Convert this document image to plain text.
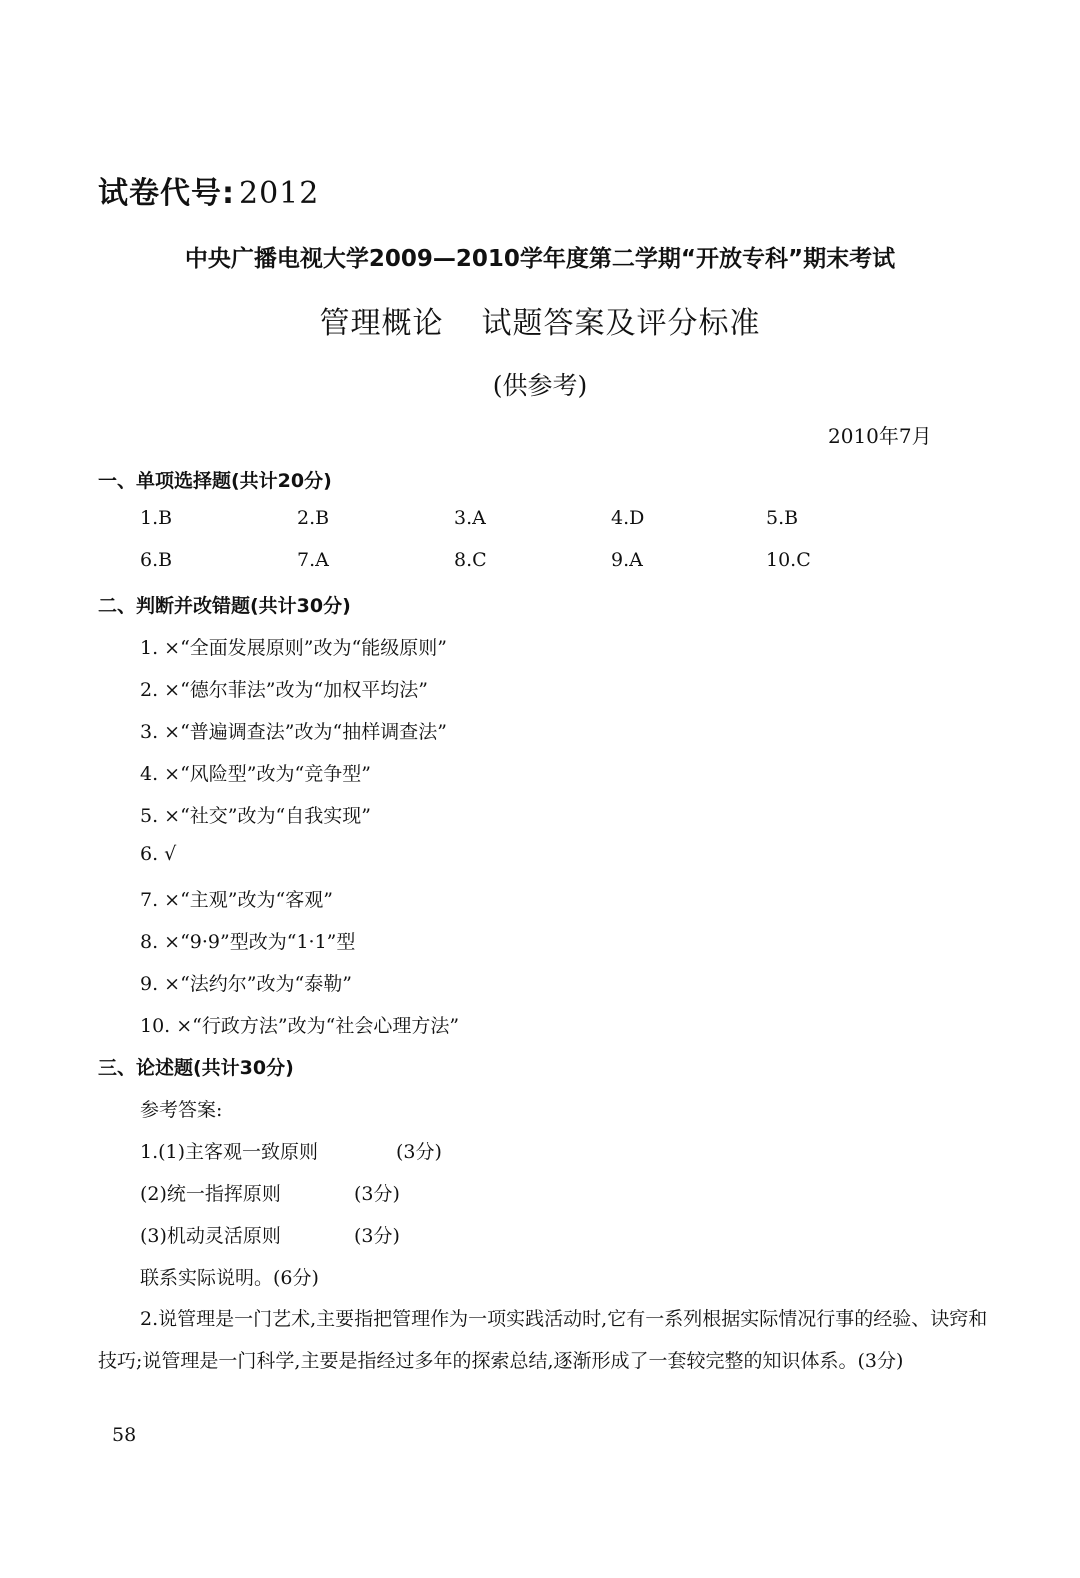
试卷代号: 2012
中央广播电视大学2009—2010学年度第二学期“开放专科”期末考试
管理概论 试题答案及评分标准
(供参考)
2010年7月
一、单项选择题(共计20分)
1.B	2.B	3.A	4.D	5.B
6.B	7.A	8.C	9.A	10.C
二、判断并改错题(共计30分)
1. ×“全面发展原则”改为“能级原则”
2. ×“德尔菲法”改为“加权平均法”
3. ×“普遍调查法”改为“抽样调查法”
4. ×“风险型”改为“竞争型”
5. ×“社交”改为“自我实现”
6. √
7. ×“主观”改为“客观”
8. ×“9·9”型改为“1·1”型
9. ×“法约尔”改为“泰勒”
10. ×“行政方法”改为“社会心理方法”
三、论述题(共计30分)
参考答案:
1.(1)主客观一致原则	(3分)
(2)统一指挥原则	(3分)
(3)机动灵活原则	(3分)
联系实际说明。(6分)
2.说管理是一门艺术,主要指把管理作为一项实践活动时,它有一系列根据实际情况行事的经验、诀窍和技巧;说管理是一门科学,主要是指经过多年的探索总结,逐渐形成了一套较完整的知识体系。(3分)
58
